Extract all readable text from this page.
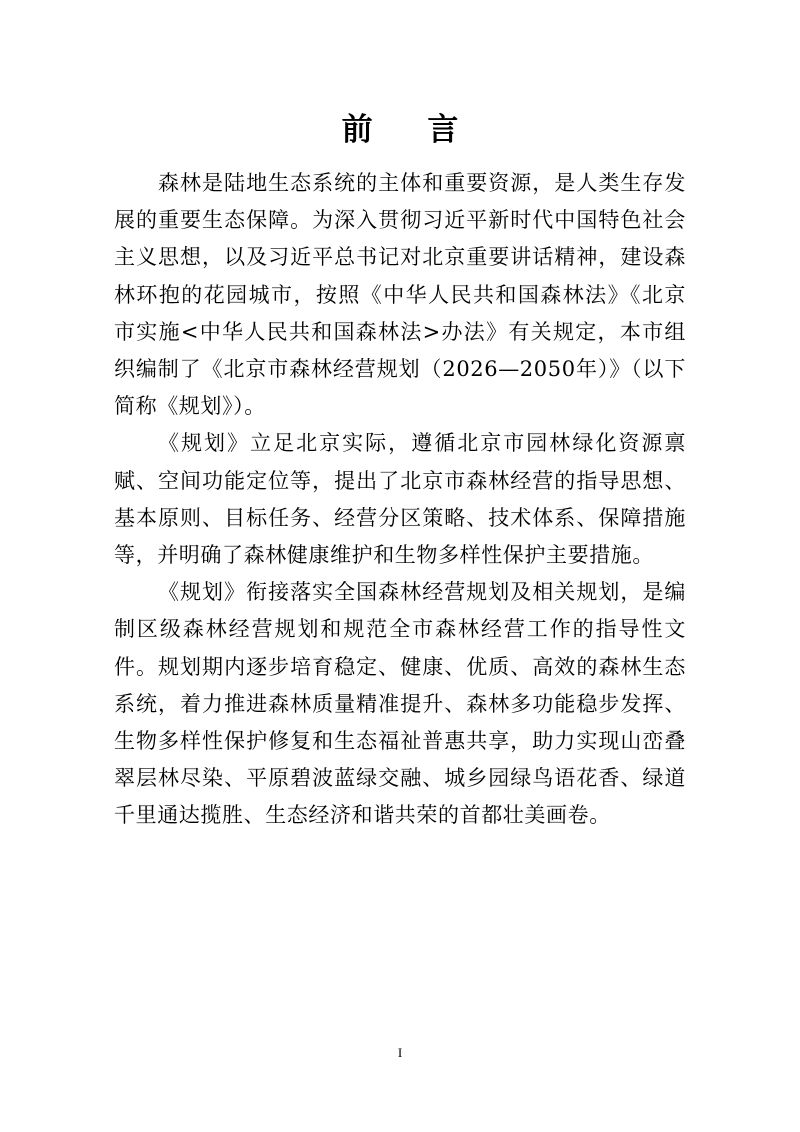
前 言

森林是陆地生态系统的主体和重要资源，是人类生存发展的重要生态保障。为深入贯彻习近平新时代中国特色社会主义思想，以及习近平总书记对北京重要讲话精神，建设森林环抱的花园城市，按照《中华人民共和国森林法》《北京市实施<中华人民共和国森林法>办法》有关规定，本市组织编制了《北京市森林经营规划（2026—2050年）》（以下简称《规划》）。

《规划》立足北京实际，遵循北京市园林绿化资源禀赋、空间功能定位等，提出了北京市森林经营的指导思想、基本原则、目标任务、经营分区策略、技术体系、保障措施等，并明确了森林健康维护和生物多样性保护主要措施。

《规划》衔接落实全国森林经营规划及相关规划，是编制区级森林经营规划和规范全市森林经营工作的指导性文件。规划期内逐步培育稳定、健康、优质、高效的森林生态系统，着力推进森林质量精准提升、森林多功能稳步发挥、生物多样性保护修复和生态福祉普惠共享，助力实现山峦叠翠层林尽染、平原碧波蓝绿交融、城乡园绿鸟语花香、绿道千里通达揽胜、生态经济和谐共荣的首都壮美画卷。

I
